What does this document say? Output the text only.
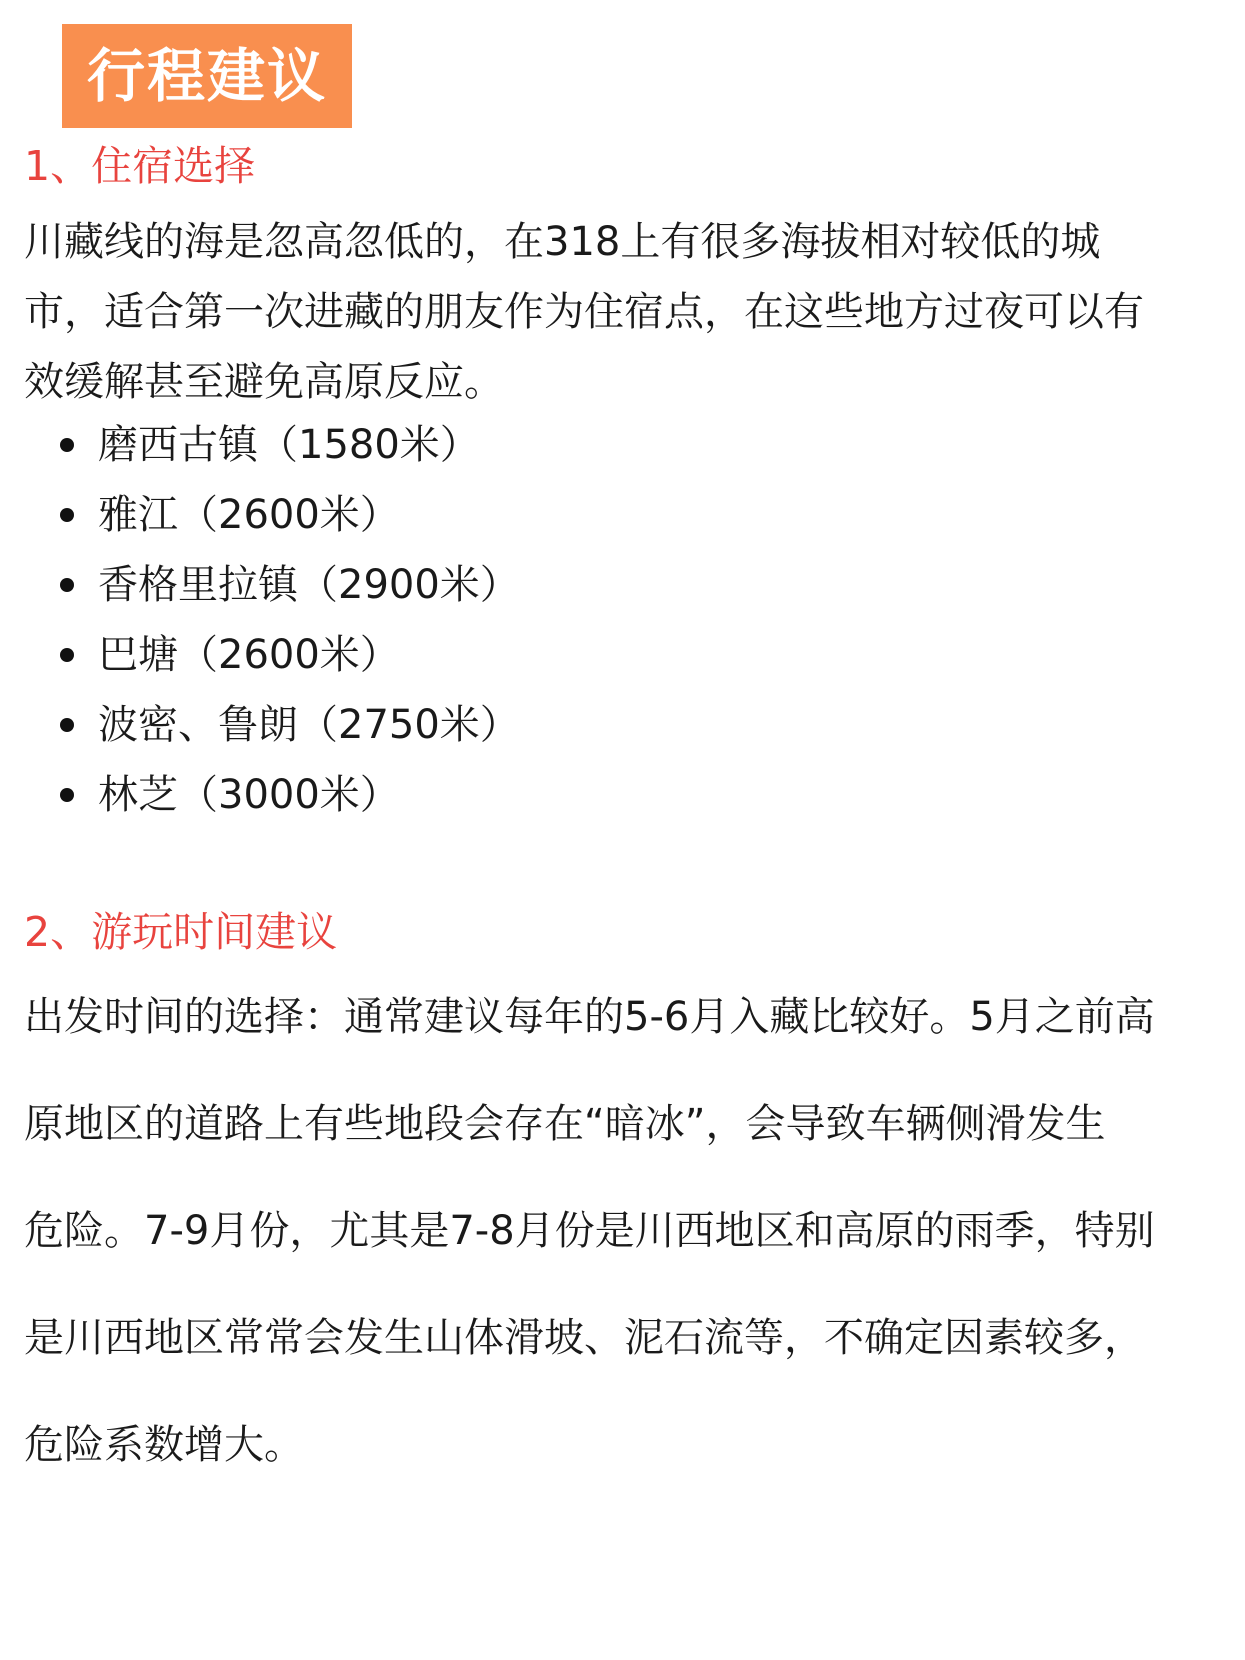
行程建议
1、住宿选择

川藏线的海是忽高忽低的，在318上有很多海拔相对较低的城
市，适合第一次进藏的朋友作为住宿点，在这些地方过夜可以有
效缓解甚至避免高原反应。

磨西古镇（1580米）
雅江（2600米）
香格里拉镇（2900米）
巴塘（2600米）
波密、鲁朗（2750米）
林芝（3000米）
2、游玩时间建议

出发时间的选择：通常建议每年的5-6月入藏比较好。5月之前高
原地区的道路上有些地段会存在“暗冰”，会导致车辆侧滑发生
危险。7-9月份，尤其是7-8月份是川西地区和高原的雨季，特别
是川西地区常常会发生山体滑坡、泥石流等，不确定因素较多，
危险系数增大。
